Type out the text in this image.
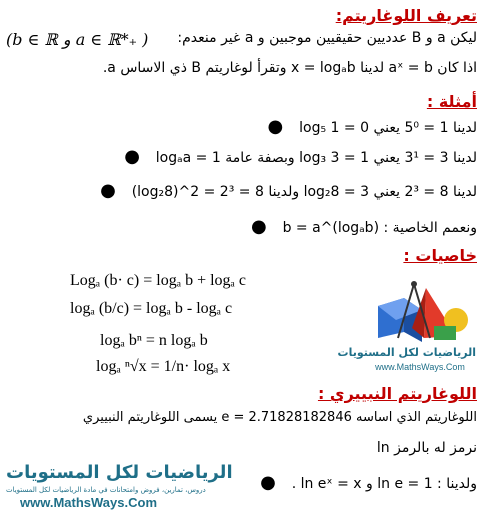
تعريف اللوغاريتم:
(b ∈ ℝ و a ∈ ℝ*₊ ) ليكن a و B عدديين حقيقيين موجبين و a غير منعدم:
اذا كان aˣ = b لدينا x = logₐb وتقرأ لوغاريتم B ذي الاساس a.
أمثلة :
لدينا 1 = 5⁰ يعني 0 = log₅ 1   ●
لدينا 3 = 3¹ يعني 1 = log₃ 3 وبصفة عامة logₐa = 1   ●
لدينا 8 = 2³ يعني 3 = log₂8 ولدينا 8 = 2³ = 2^(log₂8)   ●
ونعمم الخاصية : b = a^(logₐb)   ●
خاصيات :
Logₐ (b· c) = logₐ b + logₐ c
logₐ (b/c) = logₐ b - logₐ c
logₐ bⁿ = n logₐ b
logₐ ⁿ√x = 1/n· logₐ x
الرياضيات لكل المستويات
www.MathsWays.Com
اللوغاريتم النبييري :
اللوغاريتم الذي اساسه e = 2.71828182846 يسمى اللوغاريتم النبييري
نرمز له بالرمز ln
ولدينا : ln e = 1 و ln eˣ = x .   ●
الرياضيات لكل المستويات
دروس، تمارين، فروض وامتحانات في مادة الرياضيات لكل المستويات
www.MathsWays.Com
